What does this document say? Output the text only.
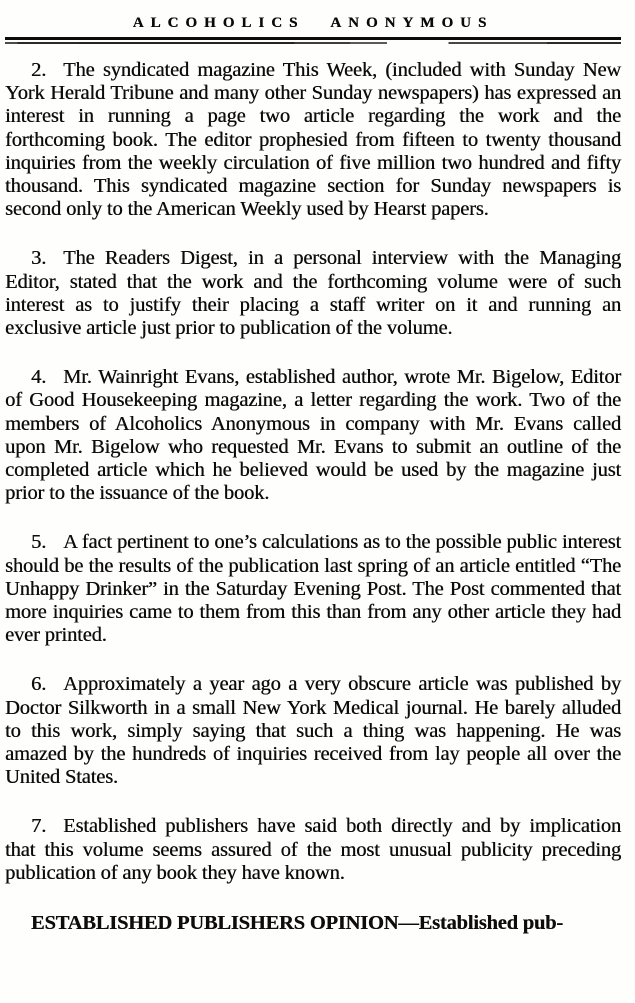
ALCOHOLICS ANONYMOUS

2. The syndicated magazine This Week, (included with Sunday New York Herald Tribune and many other Sunday newspapers) has expressed an interest in running a page two article regarding the work and the forthcoming book. The editor prophesied from fifteen to twenty thousand inquiries from the weekly circulation of five million two hundred and fifty thousand. This syndicated magazine section for Sunday newspapers is second only to the American Weekly used by Hearst papers.

3. The Readers Digest, in a personal interview with the Managing Editor, stated that the work and the forthcoming volume were of such interest as to justify their placing a staff writer on it and running an exclusive article just prior to publication of the volume.

4. Mr. Wainright Evans, established author, wrote Mr. Bigelow, Editor of Good Housekeeping magazine, a letter regarding the work. Two of the members of Alcoholics Anonymous in company with Mr. Evans called upon Mr. Bigelow who requested Mr. Evans to submit an outline of the completed article which he believed would be used by the magazine just prior to the issuance of the book.

5. A fact pertinent to one’s calculations as to the possible public interest should be the results of the publication last spring of an article entitled “The Unhappy Drinker” in the Saturday Evening Post. The Post commented that more inquiries came to them from this than from any other article they had ever printed.

6. Approximately a year ago a very obscure article was published by Doctor Silkworth in a small New York Medical journal. He barely alluded to this work, simply saying that such a thing was happening. He was amazed by the hundreds of inquiries received from lay people all over the United States.

7. Established publishers have said both directly and by implication that this volume seems assured of the most unusual publicity preceding publication of any book they have known.

ESTABLISHED PUBLISHERS OPINION—Established pub-
